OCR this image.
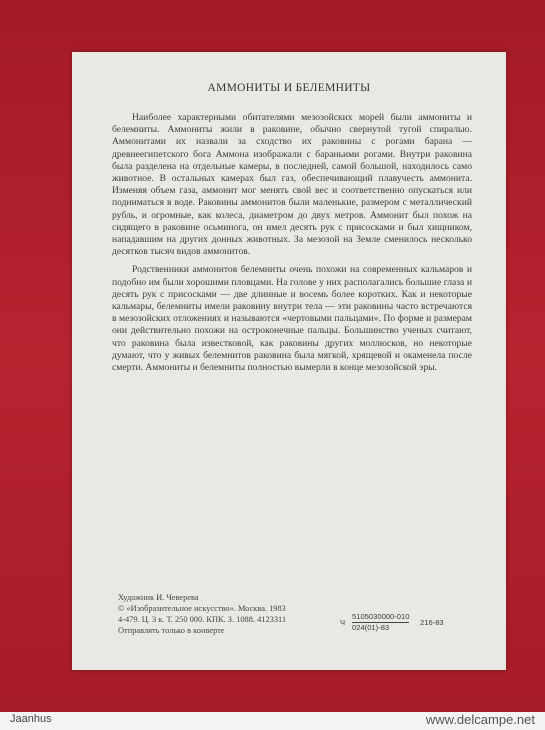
АММОНИТЫ И БЕЛЕМНИТЫ

Наиболее характерными обитателями мезозойских морей были аммониты и белемниты. Аммониты жили в раковине, обычно свернутой тугой спиралью. Аммонитами их назвали за сходство их раковины с рогами барана — древнеегипетского бога Аммона изображали с бараньими рогами. Внутри раковина была разделена на отдельные камеры, в последней, самой большой, находилось само животное. В остальных камерах был газ, обеспечивающий плавучесть аммонита. Изменяя объем газа, аммонит мог менять свой вес и соответственно опускаться или подниматься в воде. Раковины аммонитов были маленькие, размером с металлический рубль, и огромные, как колеса, диаметром до двух метров. Аммонит был похож на сидящего в раковине осьминога, он имел десять рук с присосками и был хищником, нападавшим на других донных животных. За мезозой на Земле сменилось несколько десятков тысяч видов аммонитов.

Родственники аммонитов белемниты очень похожи на современных кальмаров и подобно им были хорошими пловцами. На голове у них располагались большие глаза и десять рук с присосками — две длинные и восемь более коротких. Как и некоторые кальмары, белемниты имели раковину внутри тела — эти раковины часто встречаются в мезозойских отложениях и называются «чертовыми пальцами». По форме и размерам они действительно похожи на остроконечные пальцы. Большинство ученых считают, что раковина была известковой, как раковины других моллюсков, но некоторые думают, что у живых белемнитов раковина была мягкой, хрящевой и окаменела после смерти. Аммониты и белемниты полностью вымерли в конце мезозойской эры.

Художник И. Чеверева
© «Изобразительное искусство». Москва. 1983
4-479. Ц. 3 к. Т. 250 000. КПК. З. 1088. 4123311
Отправлять только в конверте
Ч $\frac{5105030000-010}{024(01)-83} 216-83$
Jaanhus	www.delcampe.net
